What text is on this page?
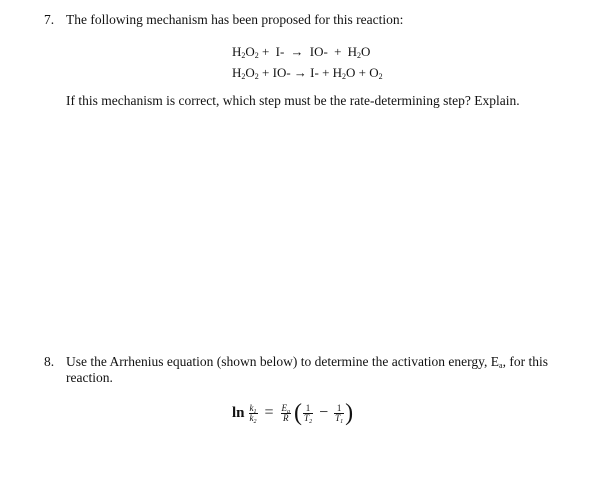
7. The following mechanism has been proposed for this reaction:
$H_2O_2 + I- \to IO- + H_2O$
$H_2O_2 + IO- \to I- + H_2O + O_2$
If this mechanism is correct, which step must be the rate-determining step? Explain.
8. Use the Arrhenius equation (shown below) to determine the activation energy, $E_a$, for this
reaction.
$\ln \frac{k_1}{k_2} = \frac{E_a}{R}$ ( $\frac{1}{T_2} - \frac{1}{T_1}$ )
